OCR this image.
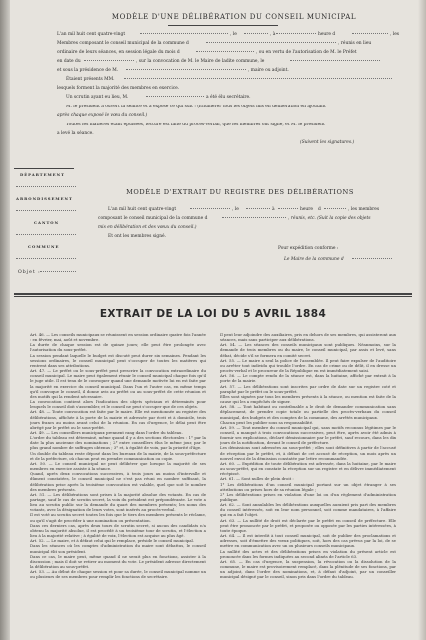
MODÈLE D'UNE DÉLIBÉRATION DU CONSEIL MUNICIPAL
L'an mil huit cent quatre-vingt	, le	, à	heure d	, les
Membres composant le conseil municipal de la commune d	, réunis en lieu
ordinaire de leurs séances, en session légale du mois d	, ou en vertu de l'autorisation de M. le Préfet
en date du	, sur la convocation de M. le Maire de ladite commune, le
et sous la présidence de M.	, maire ou adjoint.
Étaient présents MM.
lesquels forment la majorité des membres en exercice.
Un scrutin ayant eu lieu, M.	a été élu secrétaire.
M. le président a ouvert la séance et a exposé ce qui suit : (Énumérer tous les objets mis en délibération en ajoutant
après chaque exposé le vœu du conseil.)
Toutes les matières étant épuisées, lecture est faite du procès-verbal, que les membres ont signé, et M. le président
a levé la séance.
(Suivent les signatures.)
DÉPARTEMENT
ARRONDISSEMENT
CANTON
COMMUNE
Objet :
MODÈLE D'EXTRAIT DU REGISTRE DES DÉLIBÉRATIONS
L'an mil huit cent quatre-vingt	, le	à	heure d	, les membres
composant le conseil municipal de la commune d	, réunis, etc. (Suit la copie des objets
mis en délibération et des vœux du conseil.)
Et ont les membres signé.
Pour expédition conforme :
Le Maire de la commune d
EXTRAIT DE LA LOI DU 5 AVRIL 1884

Art. 46. — Les conseils municipaux se réunissent en session ordinaire quatre fois l'année : en février, mai, août et novembre.

La durée de chaque session est de quinze jours; elle peut être prolongée avec l'autorisation du sous-préfet.

La session pendant laquelle le budget est discuté peut durer six semaines. Pendant les sessions ordinaires, le conseil municipal peut s'occuper de toutes les matières qui rentrent dans ses attributions.

Art. 47. — Le préfet ou le sous-préfet peut prescrire la convocation extraordinaire du conseil municipal. Le maire peut également réunir le conseil municipal chaque fois qu'il le juge utile. Il est tenu de le convoquer quand une demande motivée lui en est faite par la majorité en exercice du conseil municipal. Dans l'un et l'autre cas, en même temps qu'il convoque le conseil, il donne avis au préfet ou au sous-préfet de cette réunion et des motifs qui la rendent nécessaire.

La convocation contient alors l'indication des objets spéciaux et déterminés pour lesquels le conseil doit s'assembler, et le conseil ne peut s'occuper que de ces objets.

Art. 48. — Toute convocation est faite par le maire. Elle est mentionnée au registre des délibérations, affichée à la porte de la mairie et adressée par écrit et à domicile, trois jours francs au moins avant celui de la réunion. En cas d'urgence, le délai peut être abrégé par le préfet ou le sous-préfet.

Art. 49. — Les conseillers municipaux prennent rang dans l'ordre du tableau.

L'ordre du tableau est déterminé, même quand il y a des sections électorales : 1° par la date la plus ancienne des nominations ; 2° entre conseillers élus le même jour, par le plus grand nombre de suffrages obtenus ; 3° et, à égalité de voix, par la priorité d'âge.

Un double du tableau reste déposé dans les bureaux de la mairie, de la sous-préfecture et de la préfecture, où chacun peut en prendre communication ou copie.

Art. 50. — Le conseil municipal ne peut délibérer que lorsque la majorité de ses membres en exercice assiste à la séance.

Quand, après deux convocations successives, à trois jours au moins d'intervalle et dûment constatées, le conseil municipal ne s'est pas réuni en nombre suffisant, la délibération prise après la troisième convocation est valable, quel que soit le nombre des membres présents.

Art. 51. — Les délibérations sont prises à la majorité absolue des votants. En cas de partage, sauf le cas de scrutin secret, la voix du président est prépondérante. Le vote a lieu au scrutin public sur la demande du quart des membres présents; les noms des votants, avec la désignation de leurs votes, sont insérés au procès-verbal.

Il est voté au scrutin secret toutes les fois que le tiers des membres présents le réclame, ou qu'il s'agit de procéder à une nomination ou présentation.

Dans ces derniers cas, après deux tours de scrutin secret, si aucun des candidats n'a obtenu la majorité absolue, il est procédé à un troisième tour de scrutin, et l'élection a lieu à la majorité relative ; à égalité de voix, l'élection est acquise au plus âgé.

Art. 52. — Le maire, et à défaut celui qui le remplace, préside le conseil municipal.

Dans les séances où les comptes d'administration du maire sont débattus, le conseil municipal élit son président.

Dans ce cas, le maire peut, même quand il ne serait plus en fonctions, assister à la discussion ; mais il doit se retirer au moment du vote. Le président adresse directement la délibération au sous-préfet.

Art. 53. — Au début de chaque session et pour sa durée, le conseil municipal nomme un ou plusieurs de ses membres pour remplir les fonctions de secrétaire.

Il peut leur adjoindre des auxiliaires, pris en dehors de ses membres, qui assisteront aux séances, mais sans participer aux délibérations.

Art. 54. — Les séances des conseils municipaux sont publiques. Néanmoins, sur la demande de trois membres ou du maire, le conseil municipal, par assis et levé, sans débat, décide s'il se formera en comité secret.

Art. 55. — Le maire a seul la police de l'assemblée. Il peut faire expulser de l'auditoire ou arrêter tout individu qui trouble l'ordre. En cas de crime ou de délit, il en dresse un procès-verbal et le procureur de la République en est immédiatement saisi.

Art. 56. — Le compte rendu de la séance est, dans la huitaine, affiché par extrait à la porte de la mairie.

Art. 57. — Les délibérations sont inscrites par ordre de date sur un registre coté et paraphé par le préfet ou le sous-préfet.

Elles sont signées par tous les membres présents à la séance, ou mention est faite de la cause qui les a empêchés de signer.

Art. 58. — Tout habitant ou contribuable a le droit de demander communication sans déplacement, de prendre copie totale ou partielle des procès-verbaux du conseil municipal, des budgets et des comptes de la commune, des arrêtés municipaux.

Chacun peut les publier sous sa responsabilité.

Art. 59. — Tout membre du conseil municipal qui, sans motifs reconnus légitimes par le conseil, a manqué à trois convocations successives, peut être, après avoir été admis à fournir ses explications, déclaré démissionnaire par le préfet, sauf recours, dans les dix jours de la notification, devant le conseil de préfecture.

Les démissions sont adressées au sous-préfet ; elles sont définitives à partir de l'accusé de réception par le préfet, et, à défaut de cet accusé de réception, un mois après un nouvel envoi de la démission constatée par lettre recommandée.

Art. 60. — Expédition de toute délibération est adressée, dans la huitaine, par le maire au sous-préfet, qui en constate la réception sur un registre et en délivre immédiatement récépissé.

Art. 61. — Sont nulles de plein droit :

1° Les délibérations d'un conseil municipal portant sur un objet étranger à ses attributions ou prises hors de sa réunion légale ;

2° Les délibérations prises en violation d'une loi ou d'un règlement d'administration publique.

Art. 62. — Sont annulables les délibérations auxquelles auraient pris part des membres du conseil intéressés, soit en leur nom personnel, soit comme mandataires, à l'affaire qui en a fait l'objet.

Art. 63. — La nullité de droit est déclarée par le préfet en conseil de préfecture. Elle peut être prononcée par le préfet, et proposée ou opposée par les parties intéressées, à toute époque.

Art. 64. — Il est interdit à tout conseil municipal, soit de publier des proclamations et adresses, soit d'émettre des vœux politiques, soit, hors des cas prévus par la loi, de se mettre en communication avec un ou plusieurs conseils municipaux.

La nullité des actes et des délibérations prises en violation du présent article est prononcée dans les formes indiquées au second alinéa de l'article 63.

Art. 65. — En cas d'urgence, la suspension, la révocation ou la dissolution de la commune, le maire est provisoirement remplacé, dans la plénitude de ses fonctions, par un adjoint, dans l'ordre des nominations, et, à défaut d'adjoint, par un conseiller municipal désigné par le conseil, sinon pris dans l'ordre du tableau.
